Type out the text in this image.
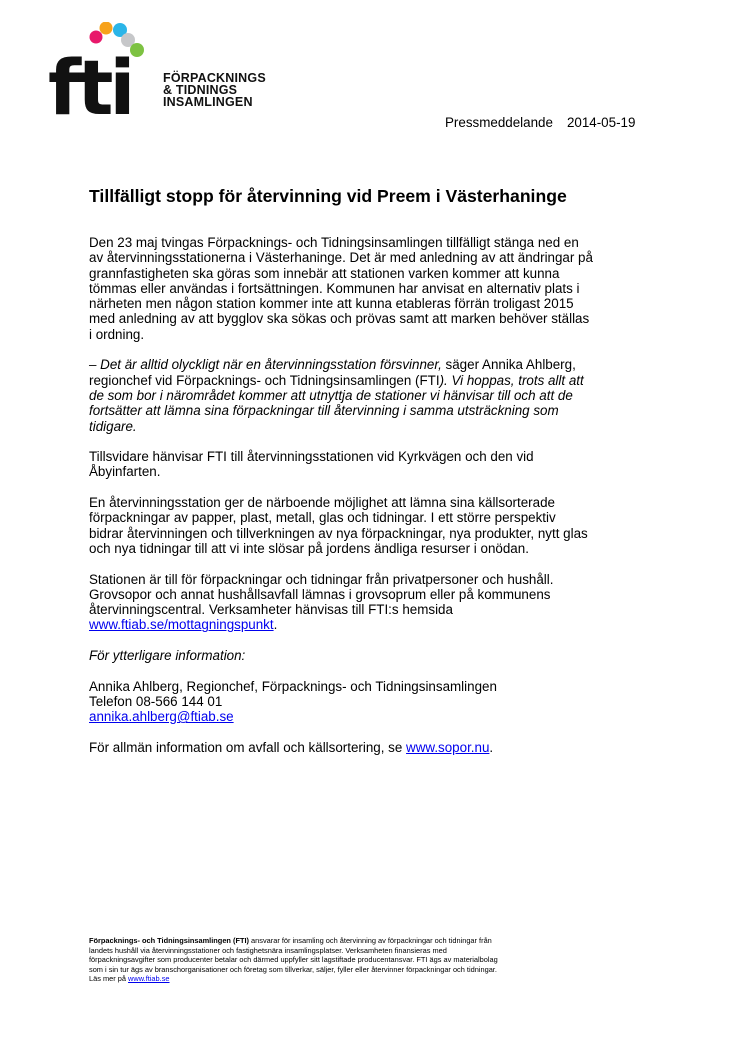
fti	FÖRPACKNINGS
& TIDNINGS
INSAMLINGEN
Pressmeddelande 2014-05-19
Tillfälligt stopp för återvinning vid Preem i Västerhaninge

Den 23 maj tvingas Förpacknings- och Tidningsinsamlingen tillfälligt stänga ned en
av återvinningsstationerna i Västerhaninge. Det är med anledning av att ändringar på
grannfastigheten ska göras som innebär att stationen varken kommer att kunna
tömmas eller användas i fortsättningen. Kommunen har anvisat en alternativ plats i
närheten men någon station kommer inte att kunna etableras förrän troligast 2015
med anledning av att bygglov ska sökas och prövas samt att marken behöver ställas
i ordning.

– Det är alltid olyckligt när en återvinningsstation försvinner, säger Annika Ahlberg,
regionchef vid Förpacknings- och Tidningsinsamlingen (FTI). Vi hoppas, trots allt att
de som bor i närområdet kommer att utnyttja de stationer vi hänvisar till och att de
fortsätter att lämna sina förpackningar till återvinning i samma utsträckning som
tidigare.

Tillsvidare hänvisar FTI till återvinningsstationen vid Kyrkvägen och den vid
Åbyinfarten.

En återvinningsstation ger de närboende möjlighet att lämna sina källsorterade
förpackningar av papper, plast, metall, glas och tidningar. I ett större perspektiv
bidrar återvinningen och tillverkningen av nya förpackningar, nya produkter, nytt glas
och nya tidningar till att vi inte slösar på jordens ändliga resurser i onödan.

Stationen är till för förpackningar och tidningar från privatpersoner och hushåll.
Grovsopor och annat hushållsavfall lämnas i grovsoprum eller på kommunens
återvinningscentral. Verksamheter hänvisas till FTI:s hemsida
www.ftiab.se/mottagningspunkt.

För ytterligare information:

Annika Ahlberg, Regionchef, Förpacknings- och Tidningsinsamlingen
Telefon 08-566 144 01
annika.ahlberg@ftiab.se

För allmän information om avfall och källsortering, se www.sopor.nu.

Förpacknings- och Tidningsinsamlingen (FTI) ansvarar för insamling och återvinning av förpackningar och tidningar från
landets hushåll via återvinningsstationer och fastighetsnära insamlingsplatser. Verksamheten finansieras med
förpackningsavgifter som producenter betalar och därmed uppfyller sitt lagstiftade producentansvar. FTI ägs av materialbolag
som i sin tur ägs av branschorganisationer och företag som tillverkar, säljer, fyller eller återvinner förpackningar och tidningar.
Läs mer på www.ftiab.se
